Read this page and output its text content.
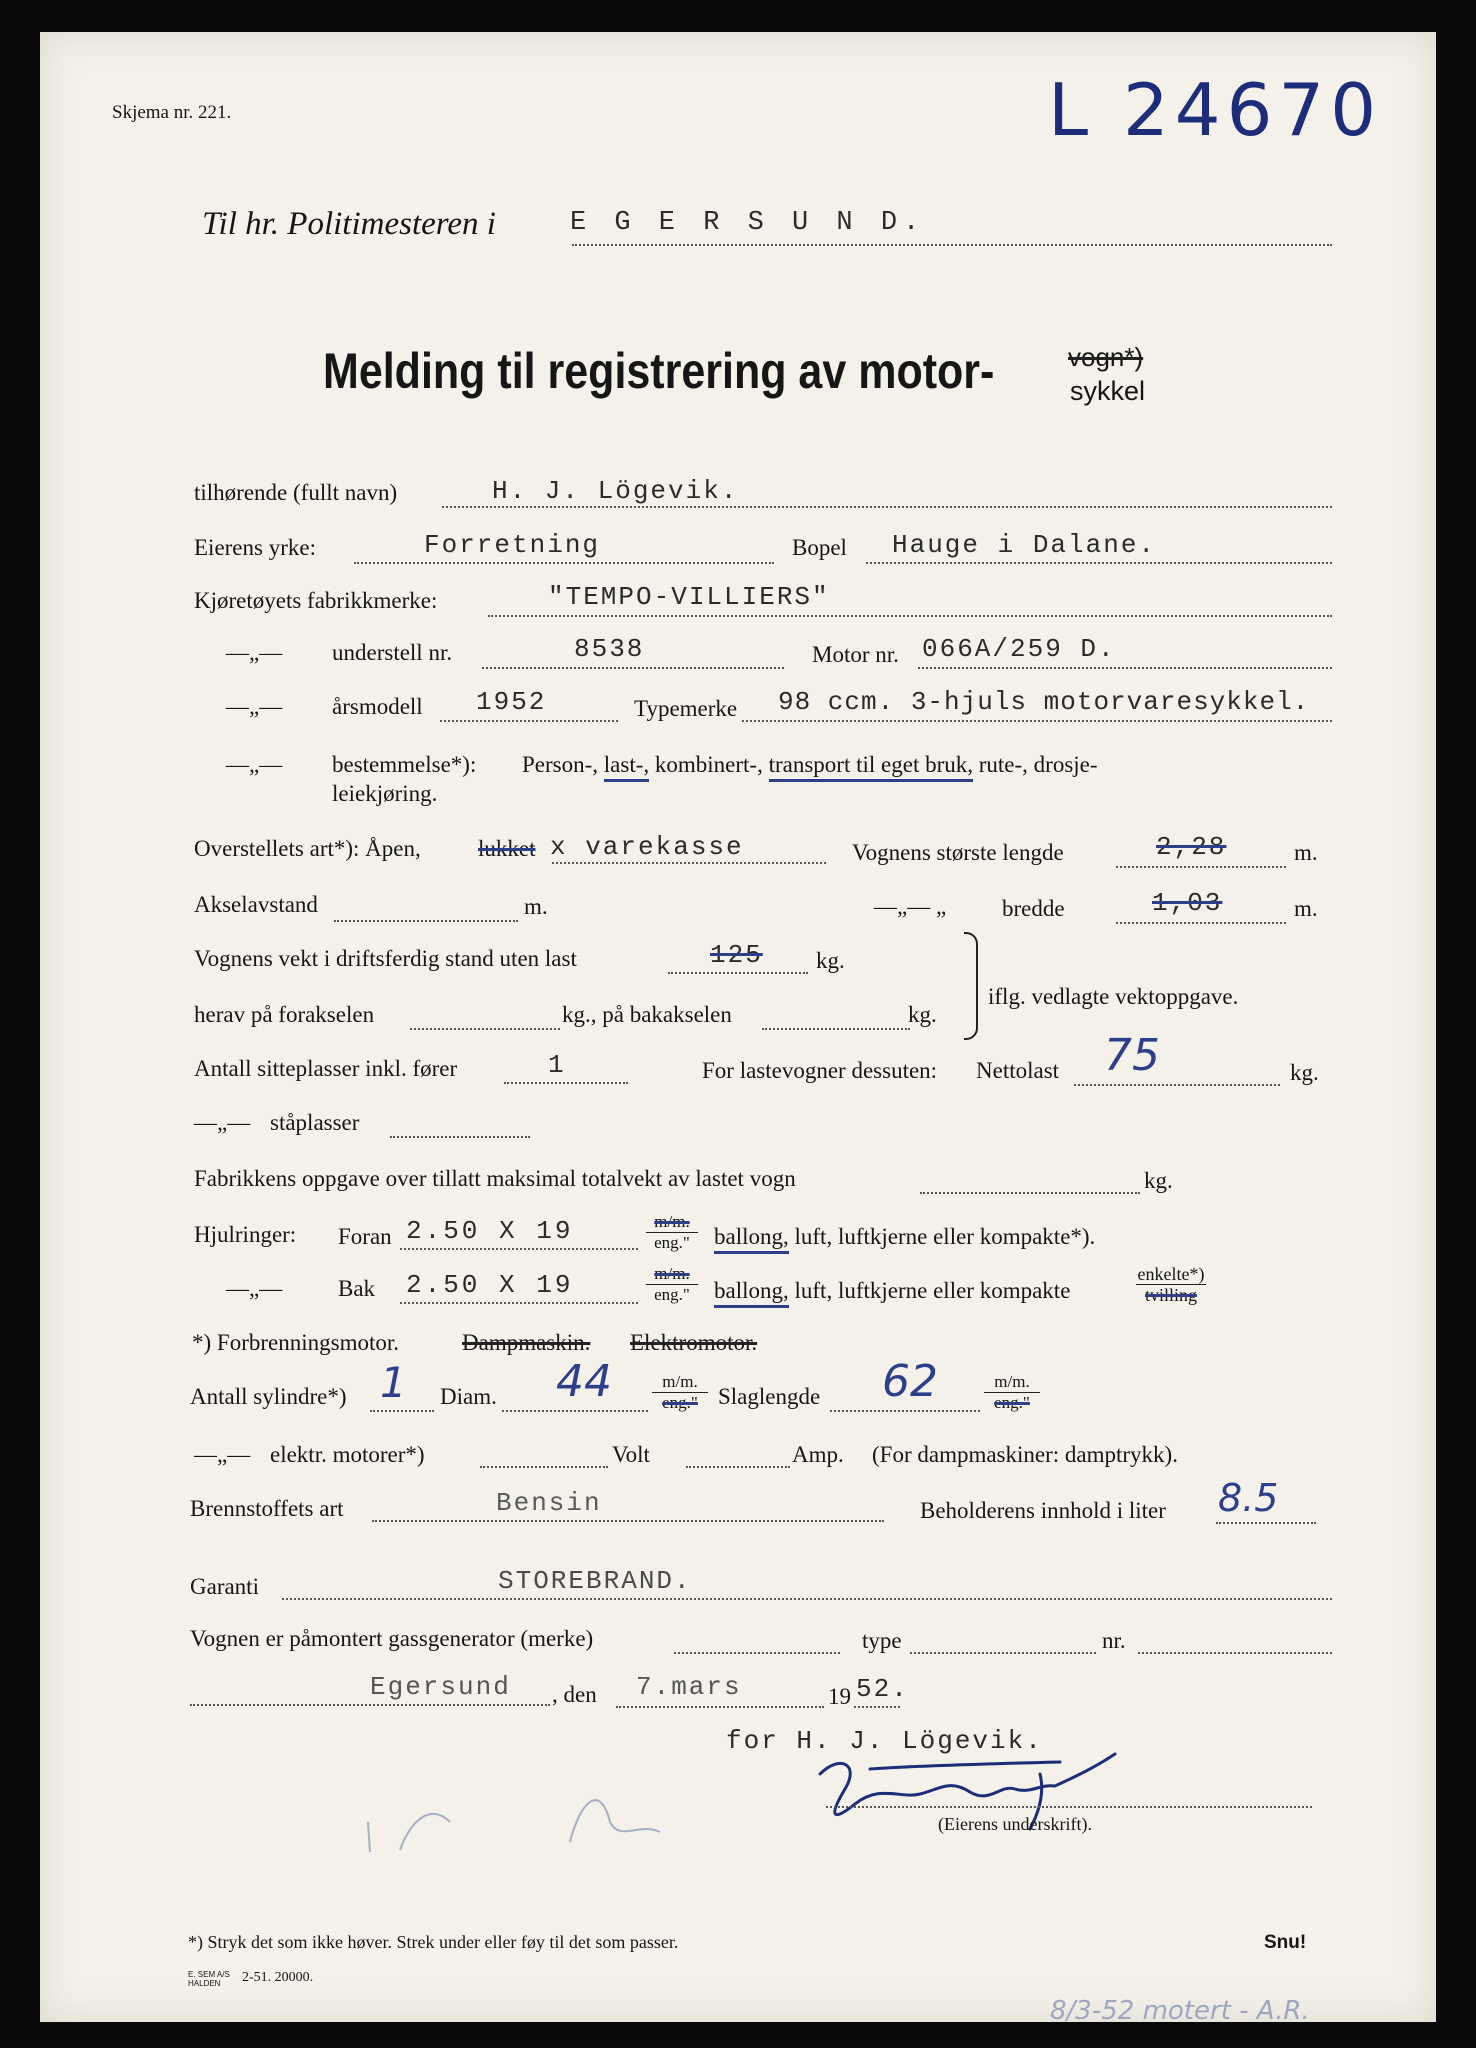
Skjema nr. 221.	L 24670
Til hr. Politimesteren i	E G E R S U N D.
Melding til registrering av motor-	vogn*)
sykkel
tilhørende (fullt navn)	H. J. Lögevik.
Eierens yrke:	Forretning	Bopel Hauge i Dalane.
Kjøretøyets fabrikkmerke:	"TEMPO-VILLIERS"
—„— understell nr.	8538	Motor nr. 066A/259 D.
—„— årsmodell 1952	Typemerke 98 ccm. 3-hjuls motorvaresykkel.
—„— bestemmelse*): Person-, last-, kombinert-, transport til eget bruk, rute-, drosje-
leiekjøring.
Overstellets art*): Åpen, lukket x varekasse	Vognens største lengde	2,28	m.
Akselavstand	m.	—„— „ bredde	1,03	m.
Vognens vekt i driftsferdig stand uten last	125 kg.
herav på forakselen	kg., på bakakselen	kg.
iflg. vedlagte vektoppgave.
Antall sitteplasser inkl. fører	1	For lastevogner dessuten: Nettolast 75	kg.
—„— ståplasser
Fabrikkens oppgave over tillatt maksimal totalvekt av lastet vogn	kg.
Hjulringer: Foran 2.50 X 19	m/m.
eng."	ballong, luft, luftkjerne eller kompakte*).
—„— Bak 2.50 X 19	m/m.
eng."	ballong, luft, luftkjerne eller kompakte
enkelte*)
tvilling
*) Forbrenningsmotor.	Dampmaskin. Elektromotor.
Antall sylindre*) 1 Diam. 44	m/m.
eng." Slaglengde 62	m/m.
eng."
—„— elektr. motorer*)	Volt	Amp. (For dampmaskiner: damptrykk).
Brennstoffets art	Bensin	Beholderens innhold i liter 8.5
Garanti	STOREBRAND.
Vognen er påmontert gassgenerator (merke)	type	nr.
Egersund , den 7.mars	19 52.
for H. J. Lögevik.
(Eierens underskrift).
*) Stryk det som ikke høver. Strek under eller føy til det som passer.	Snu!
E. SEM A/S
HALDEN	2-51. 20000.
8/3-52 motert - A.R.
